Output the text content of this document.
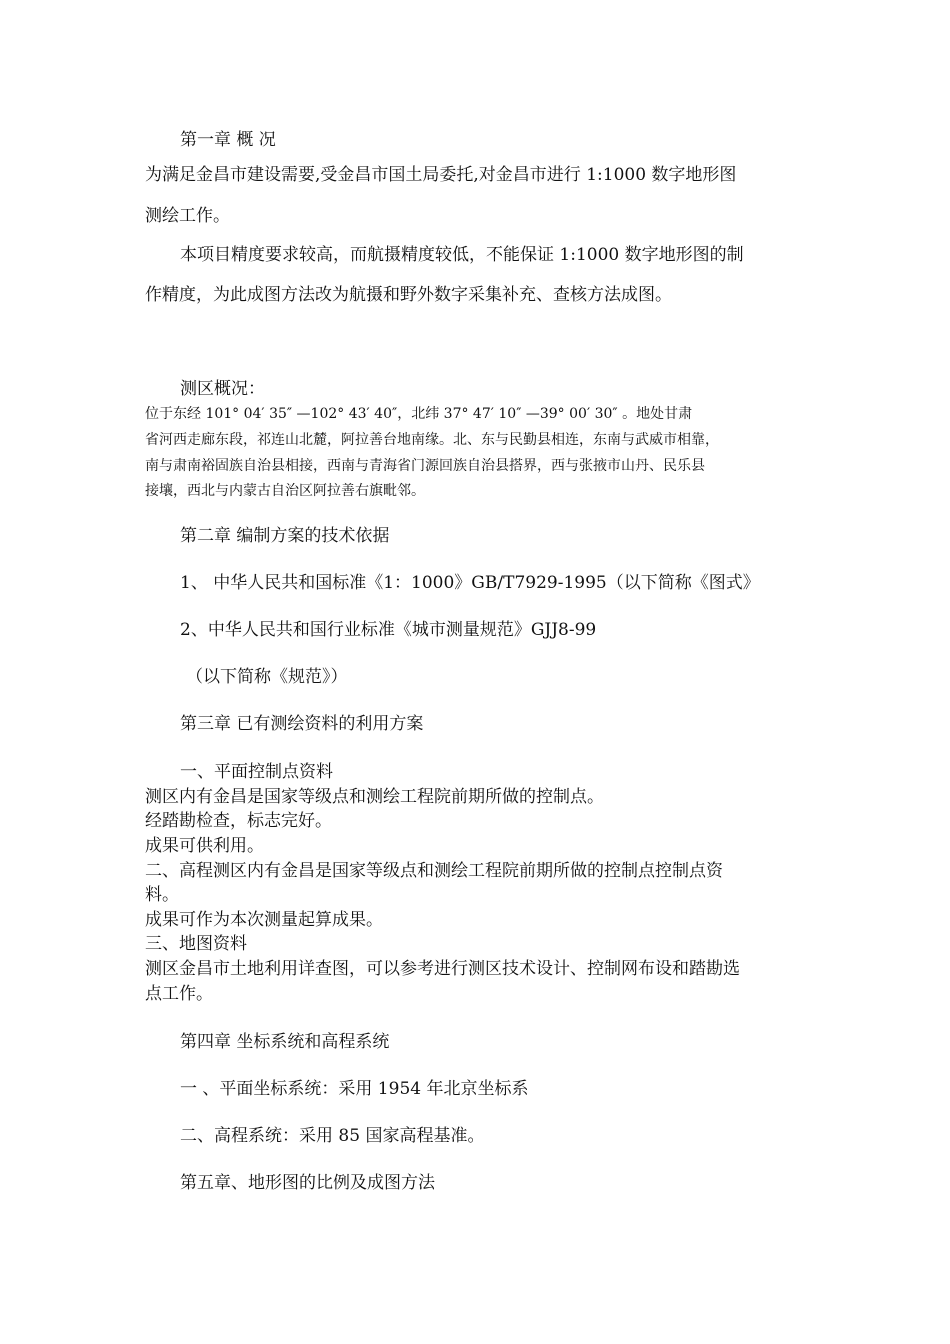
第一章 概 况
为满足金昌市建设需要,受金昌市国土局委托,对金昌市进行 1:1000 数字地形图
测绘工作。
本项目精度要求较高，而航摄精度较低，不能保证 1:1000 数字地形图的制
作精度，为此成图方法改为航摄和野外数字采集补充、查核方法成图。
测区概况：
位于东经 101° 04′ 35″ —102° 43′ 40″，北纬 37° 47′ 10″ —39° 00′ 30″ 。地处甘肃
省河西走廊东段，祁连山北麓，阿拉善台地南缘。北、东与民勤县相连，东南与武威市相靠，
南与肃南裕固族自治县相接，西南与青海省门源回族自治县搭界，西与张掖市山丹、民乐县
接壤，西北与内蒙古自治区阿拉善右旗毗邻。
第二章 编制方案的技术依据
1、 中华人民共和国标准《1：1000》GB/T7929-1995（以下简称《图式》
2、中华人民共和国行业标准《城市测量规范》GJJ8-99
（以下简称《规范》）
第三章 已有测绘资料的利用方案
一、平面控制点资料
测区内有金昌是国家等级点和测绘工程院前期所做的控制点。
经踏勘检查，标志完好。
成果可供利用。
二、高程测区内有金昌是国家等级点和测绘工程院前期所做的控制点控制点资
料。
成果可作为本次测量起算成果。
三、地图资料
测区金昌市土地利用详查图，可以参考进行测区技术设计、控制网布设和踏勘选
点工作。
第四章 坐标系统和高程系统
一 、平面坐标系统：采用 1954 年北京坐标系
二、高程系统：采用 85 国家高程基准。
第五章、地形图的比例及成图方法
